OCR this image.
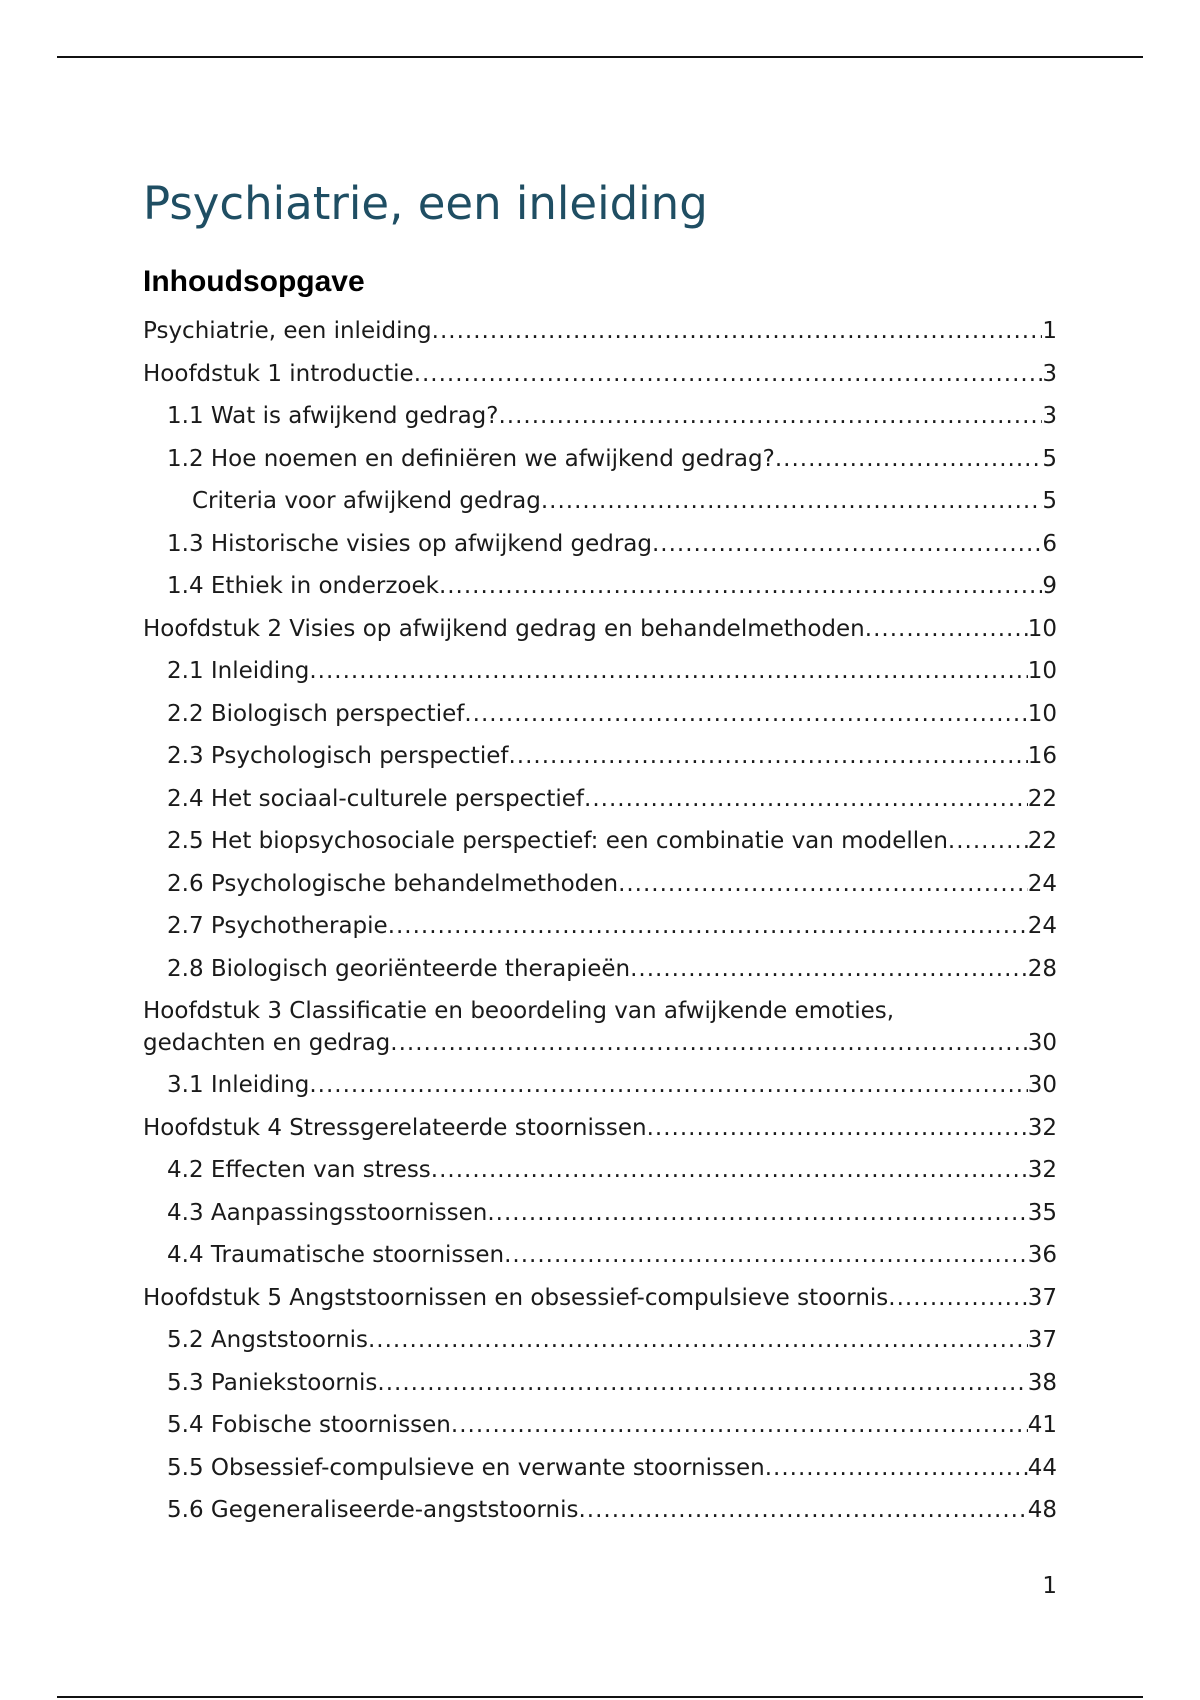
Psychiatrie, een inleiding
Inhoudsopgave
Psychiatrie, een inleiding .....	1
Hoofdstuk 1 introductie .....	3
1.1 Wat is afwijkend gedrag? .....	3
1.2 Hoe noemen en definiëren we afwijkend gedrag? .....	5
Criteria voor afwijkend gedrag .....	5
1.3 Historische visies op afwijkend gedrag .....	6
1.4 Ethiek in onderzoek .....	9
Hoofdstuk 2 Visies op afwijkend gedrag en behandelmethoden .....	10
2.1 Inleiding .....	10
2.2 Biologisch perspectief .....	10
2.3 Psychologisch perspectief .....	16
2.4 Het sociaal-culturele perspectief .....	22
2.5 Het biopsychosociale perspectief: een combinatie van modellen .....	22
2.6 Psychologische behandelmethoden .....	24
2.7 Psychotherapie .....	24
2.8 Biologisch georiënteerde therapieën .....	28
Hoofdstuk 3 Classificatie en beoordeling van afwijkende emoties,
gedachten en gedrag .....	30
3.1 Inleiding .....	30
Hoofdstuk 4 Stressgerelateerde stoornissen .....	32
4.2 Effecten van stress .....	32
4.3 Aanpassingsstoornissen .....	35
4.4 Traumatische stoornissen .....	36
Hoofdstuk 5 Angststoornissen en obsessief-compulsieve stoornis .....	37
5.2 Angststoornis .....	37
5.3 Paniekstoornis .....	38
5.4 Fobische stoornissen .....	41
5.5 Obsessief-compulsieve en verwante stoornissen .....	44
5.6 Gegeneraliseerde-angststoornis .....	48
1
